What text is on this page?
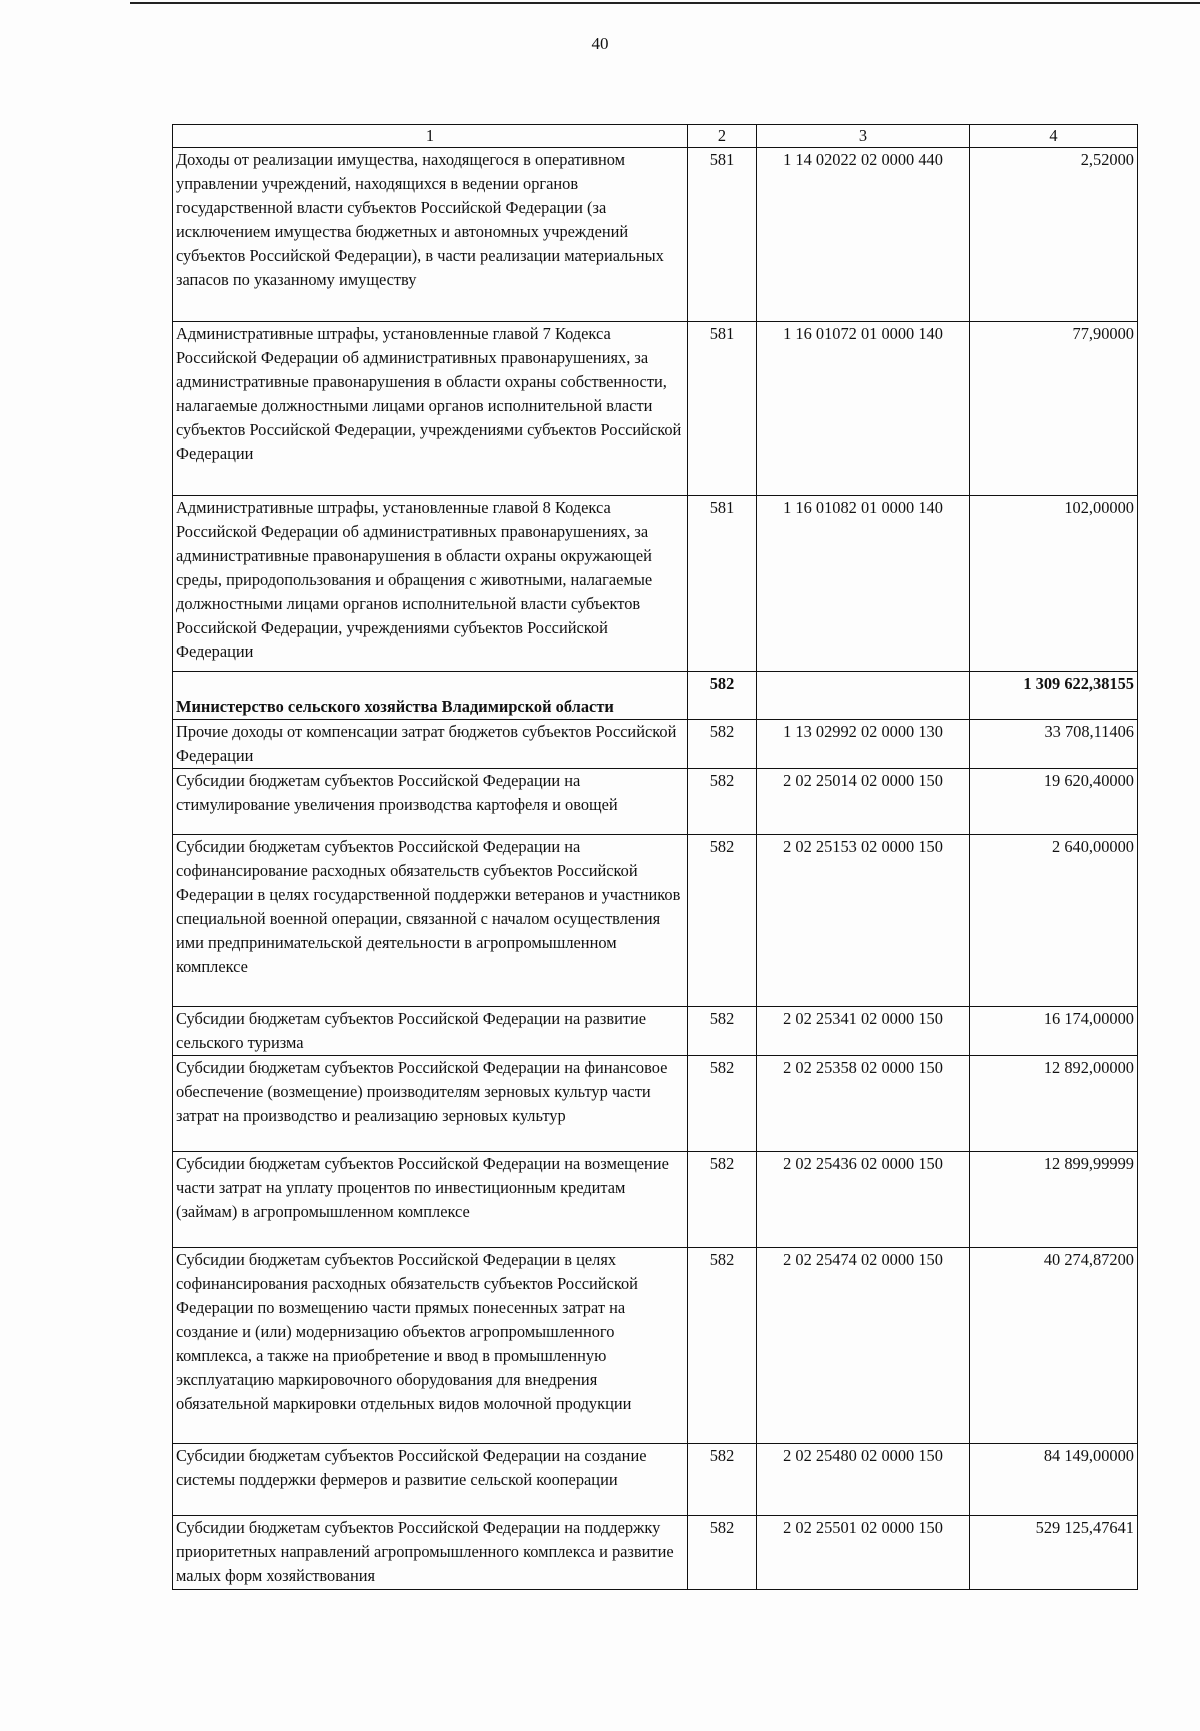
40
1	2	3	4
Доходы от реализации имущества, находящегося в оперативном управлении учреждений, находящихся в ведении органов государственной власти субъектов Российской Федерации (за исключением имущества бюджетных и автономных учреждений субъектов Российской Федерации), в части реализации материальных запасов по указанному имуществу	581	1 14 02022 02 0000 440	2,52000
Административные штрафы, установленные главой 7 Кодекса Российской Федерации об административных правонарушениях, за административные правонарушения в области охраны собственности, налагаемые должностными лицами органов исполнительной власти субъектов Российской Федерации, учреждениями субъектов Российской Федерации	581	1 16 01072 01 0000 140	77,90000
Административные штрафы, установленные главой 8 Кодекса Российской Федерации об административных правонарушениях, за административные правонарушения в области охраны окружающей среды, природопользования и обращения с животными, налагаемые должностными лицами органов исполнительной власти субъектов Российской Федерации, учреждениями субъектов Российской Федерации	581	1 16 01082 01 0000 140	102,00000
Министерство сельского хозяйства Владимирской области	582		1 309 622,38155
Прочие доходы от компенсации затрат бюджетов субъектов Российской Федерации	582	1 13 02992 02 0000 130	33 708,11406
Субсидии бюджетам субъектов Российской Федерации на стимулирование увеличения производства картофеля и овощей	582	2 02 25014 02 0000 150	19 620,40000
Субсидии бюджетам субъектов Российской Федерации на софинансирование расходных обязательств субъектов Российской Федерации в целях государственной поддержки ветеранов и участников специальной военной операции, связанной с началом осуществления ими предпринимательской деятельности в агропромышленном комплексе	582	2 02 25153 02 0000 150	2 640,00000
Субсидии бюджетам субъектов Российской Федерации на развитие сельского туризма	582	2 02 25341 02 0000 150	16 174,00000
Субсидии бюджетам субъектов Российской Федерации на финансовое обеспечение (возмещение) производителям зерновых культур части затрат на производство и реализацию зерновых культур	582	2 02 25358 02 0000 150	12 892,00000
Субсидии бюджетам субъектов Российской Федерации на возмещение части затрат на уплату процентов по инвестиционным кредитам (займам) в агропромышленном комплексе	582	2 02 25436 02 0000 150	12 899,99999
Субсидии бюджетам субъектов Российской Федерации в целях софинансирования расходных обязательств субъектов Российской Федерации по возмещению части прямых понесенных затрат на создание и (или) модернизацию объектов агропромышленного комплекса, а также на приобретение и ввод в промышленную эксплуатацию маркировочного оборудования для внедрения обязательной маркировки отдельных видов молочной продукции	582	2 02 25474 02 0000 150	40 274,87200
Субсидии бюджетам субъектов Российской Федерации на создание системы поддержки фермеров и развитие сельской кооперации	582	2 02 25480 02 0000 150	84 149,00000
Субсидии бюджетам субъектов Российской Федерации на поддержку приоритетных направлений агропромышленного комплекса и развитие малых форм хозяйствования	582	2 02 25501 02 0000 150	529 125,47641
